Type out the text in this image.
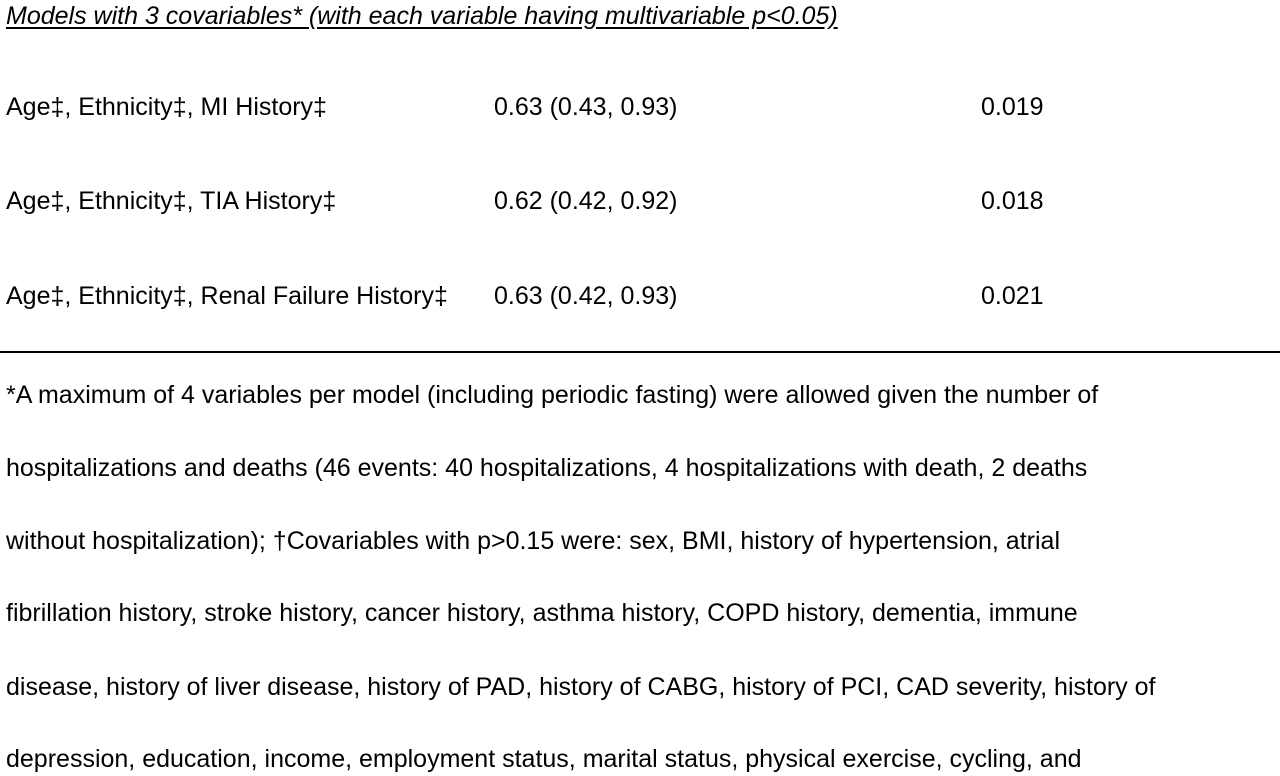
Models with 3 covariables* (with each variable having multivariable p<0.05)
Age‡, Ethnicity‡, MI History‡	0.63 (0.43, 0.93)	0.019
Age‡, Ethnicity‡, TIA History‡	0.62 (0.42, 0.92)	0.018
Age‡, Ethnicity‡, Renal Failure History‡ 0.63 (0.42, 0.93)	0.021
*A maximum of 4 variables per model (including periodic fasting) were allowed given the number of
hospitalizations and deaths (46 events: 40 hospitalizations, 4 hospitalizations with death, 2 deaths
without hospitalization); †Covariables with p>0.15 were: sex, BMI, history of hypertension, atrial
fibrillation history, stroke history, cancer history, asthma history, COPD history, dementia, immune
disease, history of liver disease, history of PAD, history of CABG, history of PCI, CAD severity, history of
depression, education, income, employment status, marital status, physical exercise, cycling, and
